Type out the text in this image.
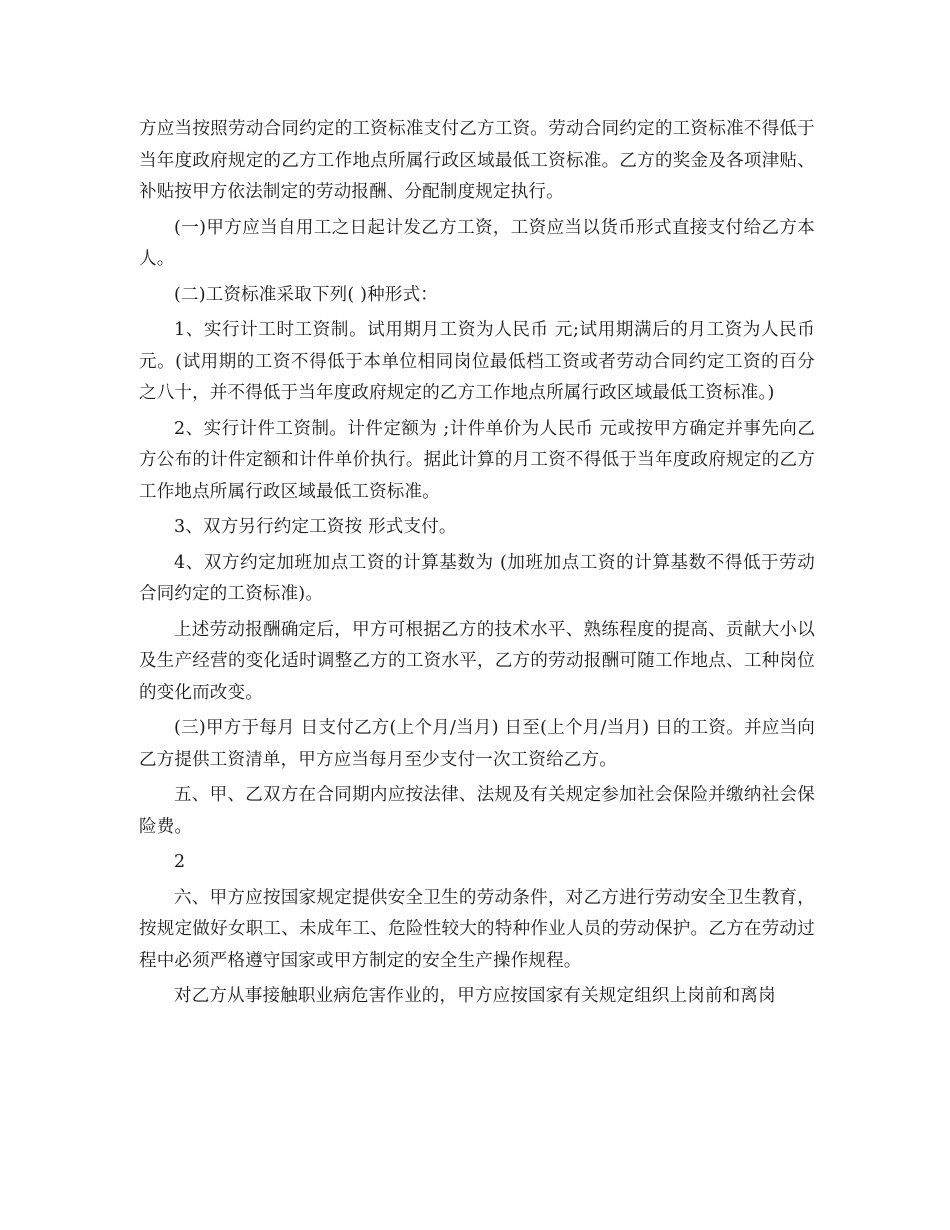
方应当按照劳动合同约定的工资标准支付乙方工资。劳动合同约定的工资标准不得低于当年度政府规定的乙方工作地点所属行政区域最低工资标准。乙方的奖金及各项津贴、补贴按甲方依法制定的劳动报酬、分配制度规定执行。

(一)甲方应当自用工之日起计发乙方工资，工资应当以货币形式直接支付给乙方本人。

(二)工资标准采取下列( )种形式：

1、实行计工时工资制。试用期月工资为人民币 元;试用期满后的月工资为人民币 元。(试用期的工资不得低于本单位相同岗位最低档工资或者劳动合同约定工资的百分之八十，并不得低于当年度政府规定的乙方工作地点所属行政区域最低工资标准。)

2、实行计件工资制。计件定额为 ;计件单价为人民币 元或按甲方确定并事先向乙方公布的计件定额和计件单价执行。据此计算的月工资不得低于当年度政府规定的乙方工作地点所属行政区域最低工资标准。

3、双方另行约定工资按 形式支付。

4、双方约定加班加点工资的计算基数为 (加班加点工资的计算基数不得低于劳动合同约定的工资标准)。

上述劳动报酬确定后，甲方可根据乙方的技术水平、熟练程度的提高、贡献大小以及生产经营的变化适时调整乙方的工资水平，乙方的劳动报酬可随工作地点、工种岗位的变化而改变。

(三)甲方于每月 日支付乙方(上个月/当月) 日至(上个月/当月) 日的工资。并应当向乙方提供工资清单，甲方应当每月至少支付一次工资给乙方。

五、甲、乙双方在合同期内应按法律、法规及有关规定参加社会保险并缴纳社会保险费。

2

六、甲方应按国家规定提供安全卫生的劳动条件，对乙方进行劳动安全卫生教育，按规定做好女职工、未成年工、危险性较大的特种作业人员的劳动保护。乙方在劳动过程中必须严格遵守国家或甲方制定的安全生产操作规程。

对乙方从事接触职业病危害作业的，甲方应按国家有关规定组织上岗前和离岗
